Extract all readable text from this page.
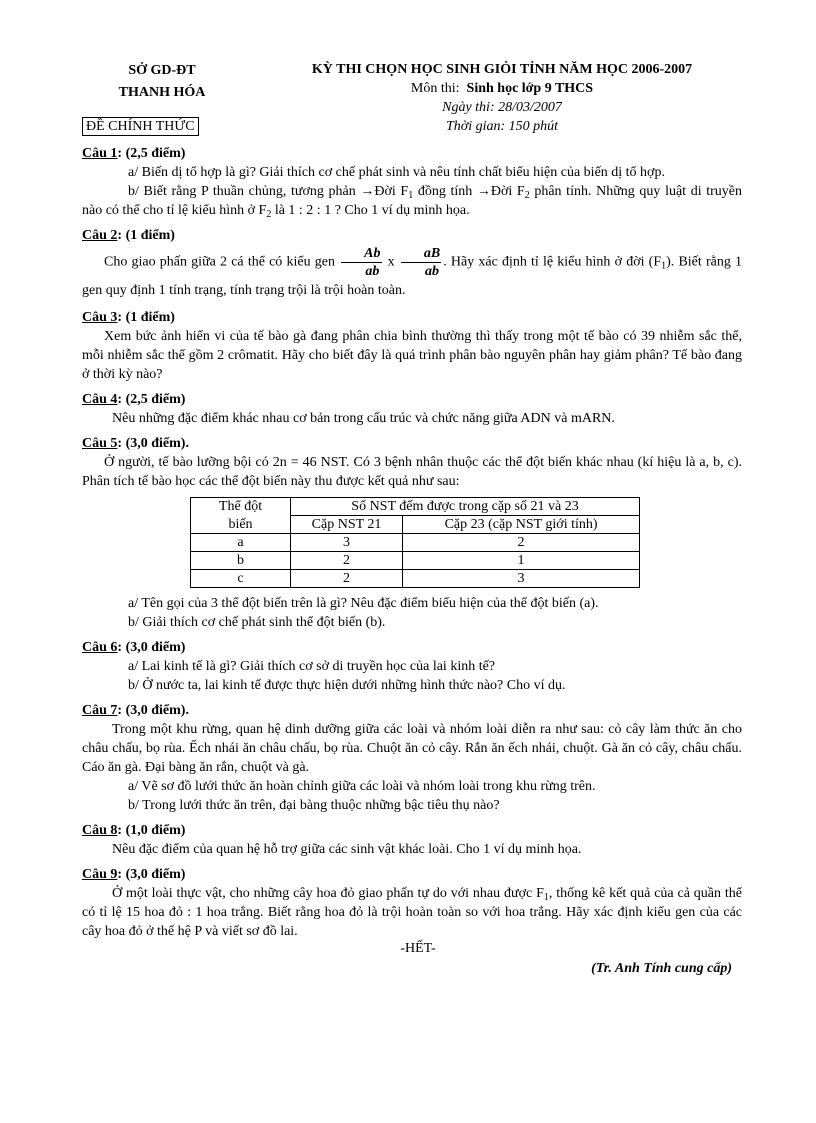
SỞ GD-ĐT
THANH HÓA
ĐỀ CHÍNH THỨC
KỲ THI CHỌN HỌC SINH GIỎI TỈNH NĂM HỌC 2006-2007
Môn thi: Sinh học lớp 9 THCS
Ngày thi: 28/03/2007
Thời gian: 150 phút
Câu 1: (2,5 điểm)
a/ Biến dị tổ hợp là gì? Giải thích cơ chế phát sinh và nêu tính chất biểu hiện của biến dị tổ hợp.
b/ Biết rằng P thuần chủng, tương phản →Đời $F_1$ đồng tính →Đời $F_2$ phân tính. Những quy luật di truyền nào có thể cho tỉ lệ kiểu hình ở $F_2$ là 1 : 2 : 1 ? Cho 1 ví dụ minh họa.
Câu 2: (1 điểm)
Cho giao phấn giữa 2 cá thể có kiểu gen $\frac{Ab}{ab}$ x $\frac{aB}{ab}$ . Hãy xác định tỉ lệ kiểu hình ở đời $(F_1)$. Biết rằng 1 gen quy định 1 tính trạng, tính trạng trội là trội hoàn toàn.
Câu 3: (1 điểm)
Xem bức ảnh hiển vi của tế bào gà đang phân chia bình thường thì thấy trong một tế bào có 39 nhiễm sắc thể, mỗi nhiễm sắc thể gồm 2 crômatit. Hãy cho biết đây là quá trình phân bào nguyên phân hay giảm phân? Tế bào đang ở thời kỳ nào?
Câu 4: (2,5 điểm)
Nêu những đặc điểm khác nhau cơ bản trong cấu trúc và chức năng giữa ADN và mARN.
Câu 5: (3,0 điểm).
Ở người, tế bào lưỡng bội có 2n = 46 NST. Có 3 bệnh nhân thuộc các thể đột biến khác nhau (kí hiệu là a, b, c). Phân tích tế bào học các thể đột biến này thu được kết quả như sau:
Thể đột	Số NST đếm được trong cặp số 21 và 23	
biến	Cặp NST 21	Cặp 23 (cặp NST giới tính)
a	3	2
b	2	1
c	2	3
a/ Tên gọi của 3 thể đột biến trên là gì? Nêu đặc điểm biểu hiện của thể đột biến (a).
b/ Giải thích cơ chế phát sinh thể đột biến (b).
Câu 6: (3,0 điểm)
a/ Lai kinh tế là gì? Giải thích cơ sở di truyền học của lai kinh tế?
b/ Ở nước ta, lai kinh tế được thực hiện dưới những hình thức nào? Cho ví dụ.
Câu 7: (3,0 điểm).
Trong một khu rừng, quan hệ dinh dưỡng giữa các loài và nhóm loài diễn ra như sau: cỏ cây làm thức ăn cho châu chấu, bọ rùa. Ếch nhái ăn châu chấu, bọ rùa. Chuột ăn cỏ cây. Rắn ăn ếch nhái, chuột. Gà ăn cỏ cây, châu chấu. Cáo ăn gà. Đại bàng ăn rắn, chuột và gà.
a/ Vẽ sơ đồ lưới thức ăn hoàn chỉnh giữa các loài và nhóm loài trong khu rừng trên.
b/ Trong lưới thức ăn trên, đại bàng thuộc những bậc tiêu thụ nào?
Câu 8: (1,0 điểm)
Nêu đặc điểm của quan hệ hỗ trợ giữa các sinh vật khác loài. Cho 1 ví dụ minh họa.
Câu 9: (3,0 điểm)
Ở một loài thực vật, cho những cây hoa đỏ giao phấn tự do với nhau được $F_1$, thống kê kết quả của cả quần thể có tỉ lệ 15 hoa đỏ : 1 hoa trắng. Biết rằng hoa đỏ là trội hoàn toàn so với hoa trắng. Hãy xác định kiểu gen của các cây hoa đỏ ở thế hệ P và viết sơ đồ lai.
-HẾT-
(Tr. Anh Tính cung cấp)
